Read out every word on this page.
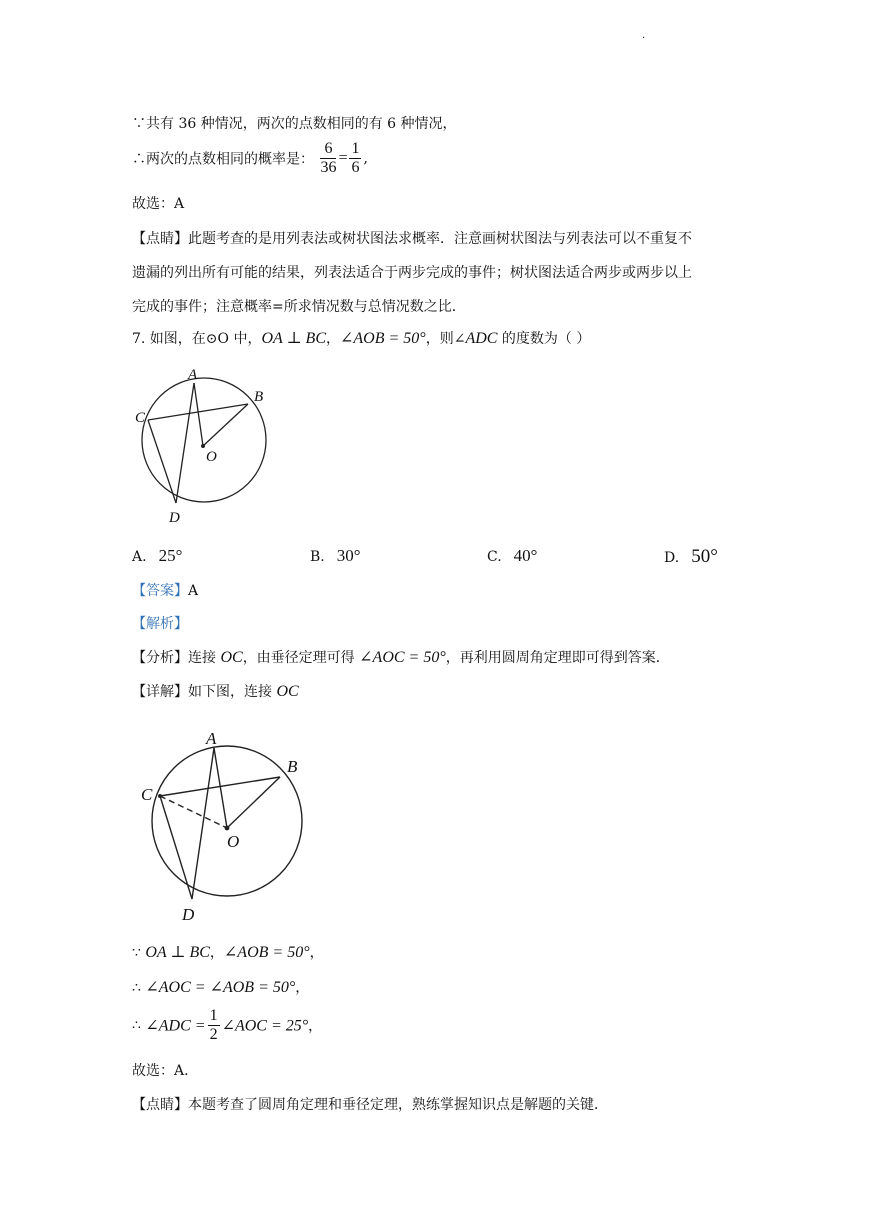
.
∵共有 36 种情况，两次的点数相同的有 6 种情况，
∴两次的点数相同的概率是： $\frac{6}{36} = \frac{1}{6}$ ,
故选：A
【点睛】此题考查的是用列表法或树状图法求概率．注意画树状图法与列表法可以不重复不
遗漏的列出所有可能的结果，列表法适合于两步完成的事件；树状图法适合两步或两步以上
完成的事件；注意概率=所求情况数与总情况数之比．
7. 如图，在⊙O 中，OA ⊥ BC，∠AOB = 50°，则∠ADC 的度数为（ ）
A
B
C
D
O
A. 25°	B. 30°	C. 40°	D. 50°
【答案】A
【解析】
【分析】连接 OC，由垂径定理可得 ∠AOC = 50°，再利用圆周角定理即可得到答案．
【详解】如下图，连接 OC
A
B
C
D
O
∵ OA ⊥ BC，∠AOB = 50°，
∴ ∠AOC = ∠AOB = 50°，
∴ ∠ADC = $\frac{1}{2}$ ∠AOC = 25°，
故选：A．
【点睛】本题考查了圆周角定理和垂径定理，熟练掌握知识点是解题的关键．
